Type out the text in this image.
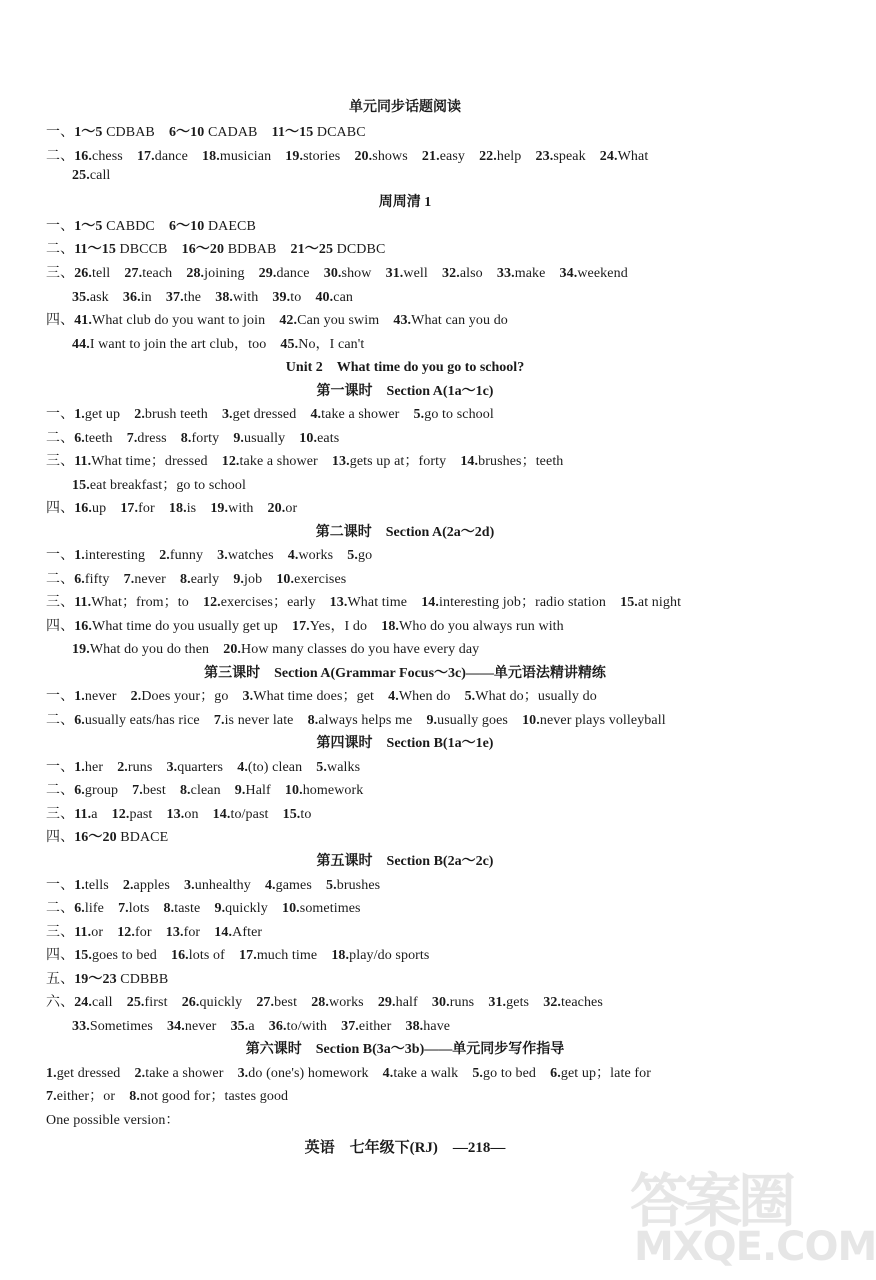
单元同步话题阅读
一、1～5 CDBAB　6～10 CADAB　11～15 DCABC
二、16.chess　17.dance　18.musician　19.stories　20.shows　21.easy　22.help　23.speak　24.What
25.call
周周清 1
一、1～5 CABDC　6～10 DAECB
二、11～15 DBCCB　16～20 BDBAB　21～25 DCDBC
三、26.tell　27.teach　28.joining　29.dance　30.show　31.well　32.also　33.make　34.weekend
35.ask　36.in　37.the　38.with　39.to　40.can
四、41.What club do you want to join　42.Can you swim　43.What can you do
44.I want to join the art club，too　45.No，I can't
Unit 2　What time do you go to school?
第一课时　Section A(1a～1c)
一、1.get up　2.brush teeth　3.get dressed　4.take a shower　5.go to school
二、6.teeth　7.dress　8.forty　9.usually　10.eats
三、11.What time；dressed　12.take a shower　13.gets up at；forty　14.brushes；teeth
15.eat breakfast；go to school
四、16.up　17.for　18.is　19.with　20.or
第二课时　Section A(2a～2d)
一、1.interesting　2.funny　3.watches　4.works　5.go
二、6.fifty　7.never　8.early　9.job　10.exercises
三、11.What；from；to　12.exercises；early　13.What time　14.interesting job；radio station　15.at night
四、16.What time do you usually get up　17.Yes，I do　18.Who do you always run with
19.What do you do then　20.How many classes do you have every day
第三课时　Section A(Grammar Focus～3c)——单元语法精讲精练
一、1.never　2.Does your；go　3.What time does；get　4.When do　5.What do；usually do
二、6.usually eats/has rice　7.is never late　8.always helps me　9.usually goes　10.never plays volleyball
第四课时　Section B(1a～1e)
一、1.her　2.runs　3.quarters　4.(to) clean　5.walks
二、6.group　7.best　8.clean　9.Half　10.homework
三、11.a　12.past　13.on　14.to/past　15.to
四、16～20 BDACE
第五课时　Section B(2a～2c)
一、1.tells　2.apples　3.unhealthy　4.games　5.brushes
二、6.life　7.lots　8.taste　9.quickly　10.sometimes
三、11.or　12.for　13.for　14.After
四、15.goes to bed　16.lots of　17.much time　18.play/do sports
五、19～23 CDBBB
六、24.call　25.first　26.quickly　27.best　28.works　29.half　30.runs　31.gets　32.teaches
33.Sometimes　34.never　35.a　36.to/with　37.either　38.have
第六课时　Section B(3a～3b)——单元同步写作指导
1.get dressed　2.take a shower　3.do (one's) homework　4.take a walk　5.go to bed　6.get up；late for
7.either；or　8.not good for；tastes good
One possible version：
英语　七年级下(RJ)　—218—
答案圈
MXQE.COM
